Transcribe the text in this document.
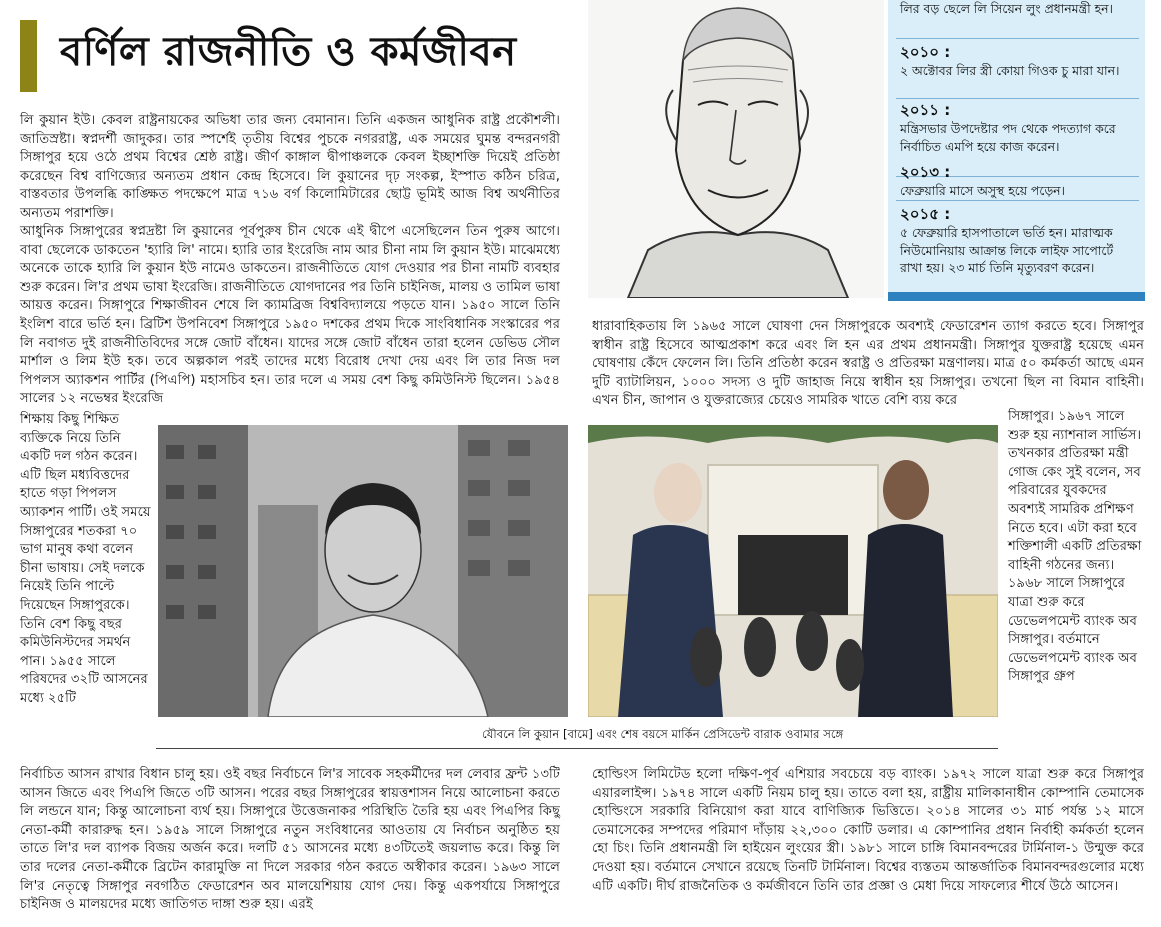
বর্ণিল রাজনীতি ও কর্মজীবন

লি কুয়ান ইউ। কেবল রাষ্ট্রনায়কের অভিধা তার জন্য বেমানান। তিনি একজন আধুনিক রাষ্ট্র প্রকৌশলী। জাতিস্রষ্টা। স্বপ্নদর্শী জাদুকর। তার স্পর্শেই তৃতীয় বিশ্বের পুচকে নগররাষ্ট্র, এক সময়ের ঘুমন্ত বন্দরনগরী সিঙ্গাপুর হয়ে ওঠে প্রথম বিশ্বের শ্রেষ্ঠ রাষ্ট্র। জীর্ণ কাঙ্গাল দ্বীপাঞ্চলকে কেবল ইচ্ছাশক্তি দিয়েই প্রতিষ্ঠা করেছেন বিশ্ব বাণিজ্যের অন্যতম প্রধান কেন্দ্র হিসেবে। লি কুয়ানের দৃঢ় সংকল্প, ইস্পাত কঠিন চরিত্র, বাস্তবতার উপলব্ধি কাঙ্ক্ষিত পদক্ষেপে মাত্র ৭১৬ বর্গ কিলোমিটারের ছোট্ট ভূমিই আজ বিশ্ব অর্থনীতির অন্যতম পরাশক্তি।

আধুনিক সিঙ্গাপুরের স্বপ্নদ্রষ্টা লি কুয়ানের পূর্বপুরুষ চীন থেকে এই দ্বীপে এসেছিলেন তিন পুরুষ আগে। বাবা ছেলেকে ডাকতেন 'হ্যারি লি' নামে। হ্যারি তার ইংরেজি নাম আর চীনা নাম লি কুয়ান ইউ। মাঝেমধ্যে অনেকে তাকে হ্যারি লি কুয়ান ইউ নামেও ডাকতেন। রাজনীতিতে যোগ দেওয়ার পর চীনা নামটি ব্যবহার শুরু করেন। লি'র প্রথম ভাষা ইংরেজি। রাজনীতিতে যোগদানের পর তিনি চাইনিজ, মালয় ও তামিল ভাষা আয়ত্ত করেন। সিঙ্গাপুরে শিক্ষাজীবন শেষে লি ক্যামব্রিজ বিশ্ববিদ্যালয়ে পড়তে যান। ১৯৫০ সালে তিনি ইংলিশ বারে ভর্তি হন। ব্রিটিশ উপনিবেশ সিঙ্গাপুরে ১৯৫০ দশকের প্রথম দিকে সাংবিধানিক সংস্কারের পর লি নবাগত দুই রাজনীতিবিদের সঙ্গে জোট বাঁধেন। যাদের সঙ্গে জোট বাঁধেন তারা হলেন ডেভিড সৌল মার্শাল ও লিম ইউ হক। তবে অল্পকাল পরই তাদের মধ্যে বিরোধ দেখা দেয় এবং লি তার নিজ দল পিপলস অ্যাকশন পার্টির (পিএপি) মহাসচিব হন। তার দলে এ সময় বেশ কিছু কমিউনিস্ট ছিলেন। ১৯৫৪ সালের ১২ নভেম্বর ইংরেজি

শিক্ষায় কিছু শিক্ষিত ব্যক্তিকে নিয়ে তিনি একটি দল গঠন করেন। এটি ছিল মধ্যবিত্তদের হাতে গড়া পিপলস অ্যাকশন পার্টি। ওই সময়ে সিঙ্গাপুরের শতকরা ৭০ ভাগ মানুষ কথা বলেন চীনা ভাষায়। সেই দলকে নিয়েই তিনি পাল্টে দিয়েছেন সিঙ্গাপুরকে। তিনি বেশ কিছু বছর কমিউনিস্টদের সমর্থন পান। ১৯৫৫ সালে পরিষদের ৩২টি আসনের মধ্যে ২৫টি

লির বড় ছেলে লি সিয়েন লুং প্রধানমন্ত্রী হন।
২০১০ :
২ অক্টোবর লির স্ত্রী কোয়া গিওক চু মারা যান।
২০১১ :
মন্ত্রিসভার উপদেষ্টার পদ থেকে পদত্যাগ করে নির্বাচিত এমপি হয়ে কাজ করেন।
২০১৩ :
ফেব্রুয়ারি মাসে অসুস্থ হয়ে পড়েন।
২০১৫ :
৫ ফেব্রুয়ারি হাসপাতালে ভর্তি হন। মারাত্মক নিউমোনিয়ায় আক্রান্ত লিকে লাইফ সাপোর্টে রাখা হয়। ২৩ মার্চ তিনি মৃত্যুবরণ করেন।

ধারাবাহিকতায় লি ১৯৬৫ সালে ঘোষণা দেন সিঙ্গাপুরকে অবশ্যই ফেডারেশন ত্যাগ করতে হবে। সিঙ্গাপুর স্বাধীন রাষ্ট্র হিসেবে আত্মপ্রকাশ করে এবং লি হন এর প্রথম প্রধানমন্ত্রী। সিঙ্গাপুর যুক্তরাষ্ট্র হয়েছে এমন ঘোষণায় কেঁদে ফেলেন লি। তিনি প্রতিষ্ঠা করেন স্বরাষ্ট্র ও প্রতিরক্ষা মন্ত্রণালয়। মাত্র ৫০ কর্মকর্তা আছে এমন দুটি ব্যাটালিয়ন, ১০০০ সদস্য ও দুটি জাহাজ নিয়ে স্বাধীন হয় সিঙ্গাপুর। তখনো ছিল না বিমান বাহিনী। এখন চীন, জাপান ও যুক্তরাজ্যের চেয়েও সামরিক খাতে বেশি ব্যয় করে

যৌবনে লি কুয়ান [বামে] এবং শেষ বয়সে মার্কিন প্রেসিডেন্ট বারাক ওবামার সঙ্গে

সিঙ্গাপুর। ১৯৬৭ সালে শুরু হয় ন্যাশনাল সার্ভিস। তখনকার প্রতিরক্ষা মন্ত্রী গোজ কেং সুই বলেন, সব পরিবারের যুবকদের অবশ্যই সামরিক প্রশিক্ষণ নিতে হবে। এটা করা হবে শক্তিশালী একটি প্রতিরক্ষা বাহিনী গঠনের জন্য। ১৯৬৮ সালে সিঙ্গাপুরে যাত্রা শুরু করে ডেভেলপমেন্ট ব্যাংক অব সিঙ্গাপুর। বর্তমানে ডেভেলপমেন্ট ব্যাংক অব সিঙ্গাপুর গ্রুপ

নির্বাচিত আসন রাখার বিধান চালু হয়। ওই বছর নির্বাচনে লি'র সাবেক সহকর্মীদের দল লেবার ফ্রন্ট ১৩টি আসন জিতে এবং পিএপি জিতে ৩টি আসন। পরের বছর সিঙ্গাপুরের স্বায়ত্তশাসন নিয়ে আলোচনা করতে লি লন্ডনে যান; কিন্তু আলোচনা ব্যর্থ হয়। সিঙ্গাপুরে উত্তেজনাকর পরিস্থিতি তৈরি হয় এবং পিএপির কিছু নেতা-কর্মী কারারুদ্ধ হন। ১৯৫৯ সালে সিঙ্গাপুরে নতুন সংবিধানের আওতায় যে নির্বাচন অনুষ্ঠিত হয় তাতে লি'র দল ব্যাপক বিজয় অর্জন করে। দলটি ৫১ আসনের মধ্যে ৪৩টিতেই জয়লাভ করে। কিন্তু লি তার দলের নেতা-কর্মীকে ব্রিটেন কারামুক্তি না দিলে সরকার গঠন করতে অস্বীকার করেন। ১৯৬৩ সালে লি'র নেতৃত্বে সিঙ্গাপুর নবগঠিত ফেডারেশন অব মালয়েশিয়ায় যোগ দেয়। কিন্তু একপর্যায়ে সিঙ্গাপুরে চাইনিজ ও মালয়দের মধ্যে জাতিগত দাঙ্গা শুরু হয়। এরই

হোল্ডিংস লিমিটেড হলো দক্ষিণ-পূর্ব এশিয়ার সবচেয়ে বড় ব্যাংক। ১৯৭২ সালে যাত্রা শুরু করে সিঙ্গাপুর এয়ারলাইন্স। ১৯৭৪ সালে একটি নিয়ম চালু হয়। তাতে বলা হয়, রাষ্ট্রীয় মালিকানাধীন কোম্পানি তেমাসেক হোল্ডিংসে সরকারি বিনিয়োগ করা যাবে বাণিজ্যিক ভিত্তিতে। ২০১৪ সালের ৩১ মার্চ পর্যন্ত ১২ মাসে তেমাসেকের সম্পদের পরিমাণ দাঁড়ায় ২২,৩০০ কোটি ডলার। এ কোম্পানির প্রধান নির্বাহী কর্মকর্তা হলেন হো চিং। তিনি প্রধানমন্ত্রী লি হাইয়েন লুংয়ের স্ত্রী। ১৯৮১ সালে চাঙ্গি বিমানবন্দরের টার্মিনাল-১ উন্মুক্ত করে দেওয়া হয়। বর্তমানে সেখানে রয়েছে তিনটি টার্মিনাল। বিশ্বের ব্যস্ততম আন্তর্জাতিক বিমানবন্দরগুলোর মধ্যে এটি একটি। দীর্ঘ রাজনৈতিক ও কর্মজীবনে তিনি তার প্রজ্ঞা ও মেধা দিয়ে সাফল্যের শীর্ষে উঠে আসেন।
